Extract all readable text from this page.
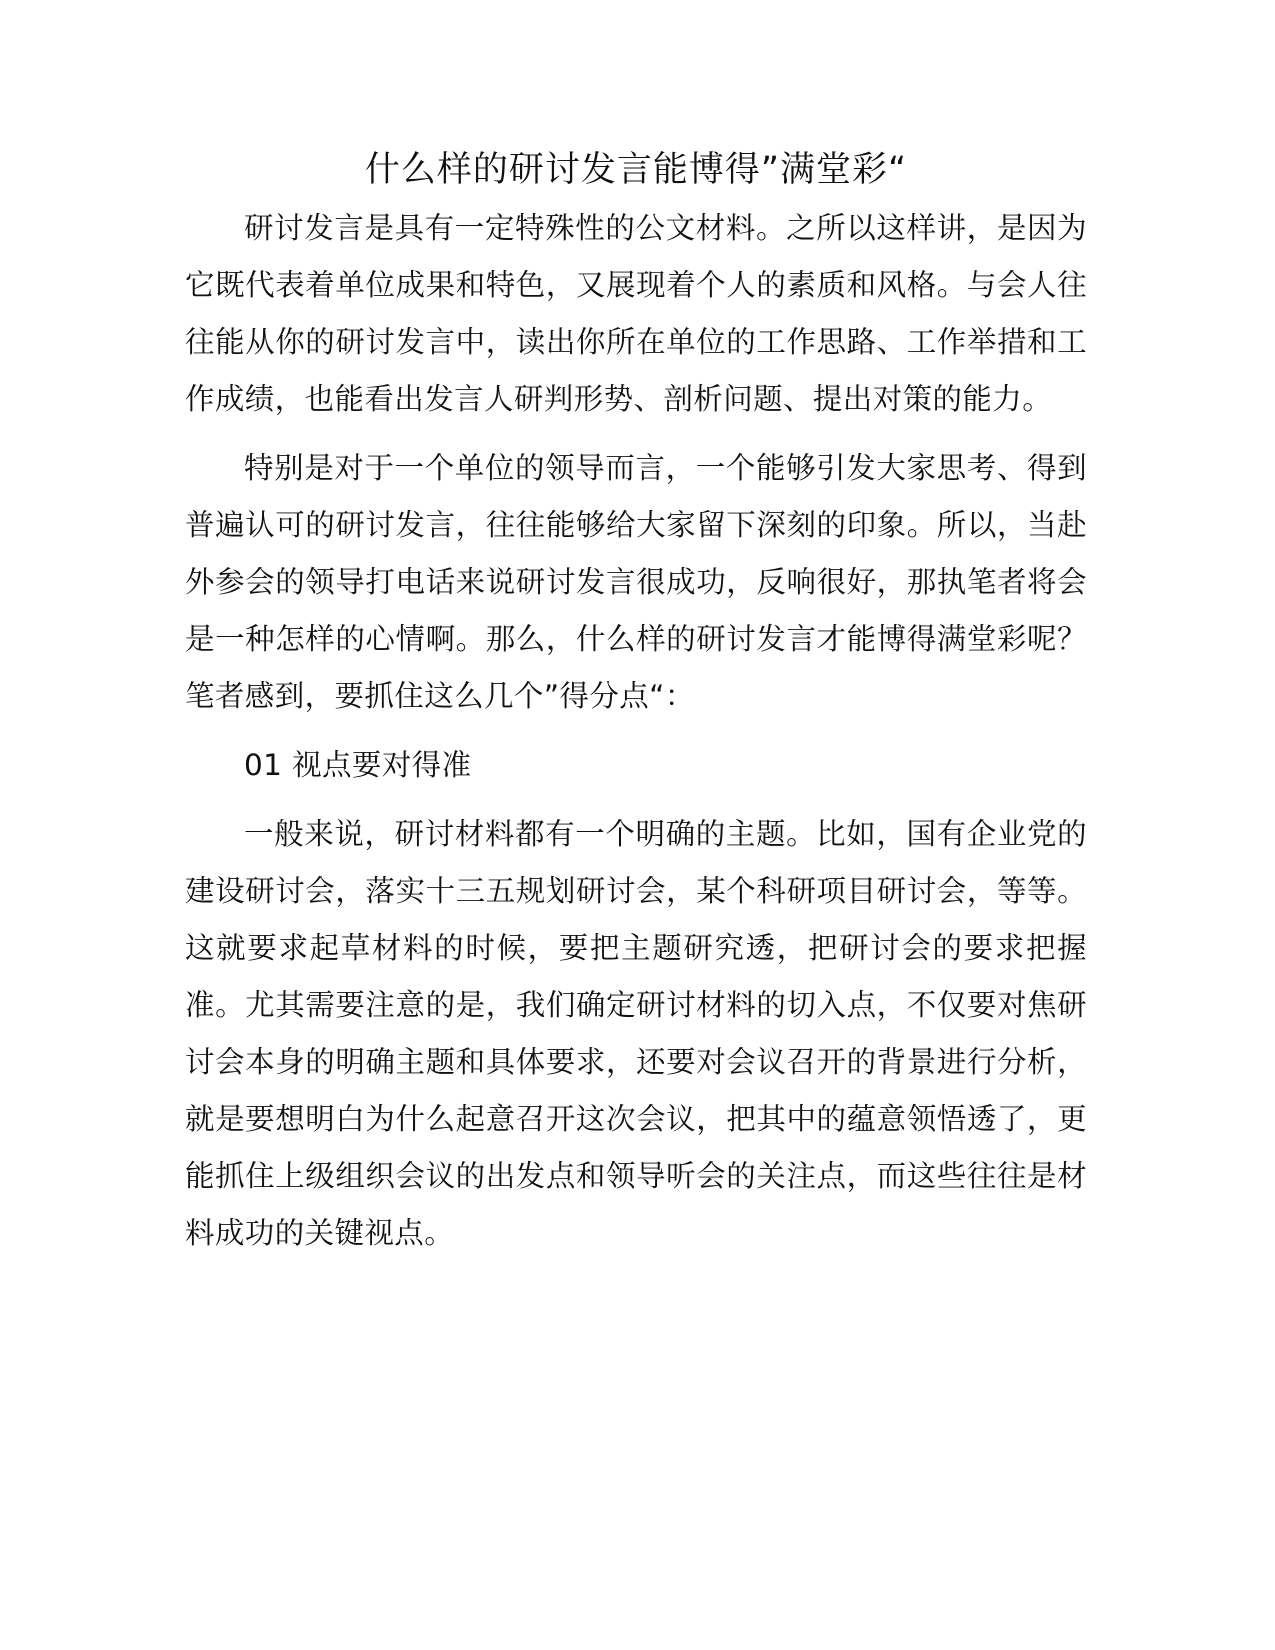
什么样的研讨发言能博得”满堂彩“

研讨发言是具有一定特殊性的公文材料。之所以这样讲，是因为它既代表着单位成果和特色，又展现着个人的素质和风格。与会人往往能从你的研讨发言中，读出你所在单位的工作思路、工作举措和工作成绩，也能看出发言人研判形势、剖析问题、提出对策的能力。

特别是对于一个单位的领导而言，一个能够引发大家思考、得到普遍认可的研讨发言，往往能够给大家留下深刻的印象。所以，当赴外参会的领导打电话来说研讨发言很成功，反响很好，那执笔者将会是一种怎样的心情啊。那么，什么样的研讨发言才能博得满堂彩呢？笔者感到，要抓住这么几个”得分点“：

01 视点要对得准

一般来说，研讨材料都有一个明确的主题。比如，国有企业党的建设研讨会，落实十三五规划研讨会，某个科研项目研讨会，等等。这就要求起草材料的时候，要把主题研究透，把研讨会的要求把握准。尤其需要注意的是，我们确定研讨材料的切入点，不仅要对焦研讨会本身的明确主题和具体要求，还要对会议召开的背景进行分析，就是要想明白为什么起意召开这次会议，把其中的蕴意领悟透了，更能抓住上级组织会议的出发点和领导听会的关注点，而这些往往是材料成功的关键视点。
